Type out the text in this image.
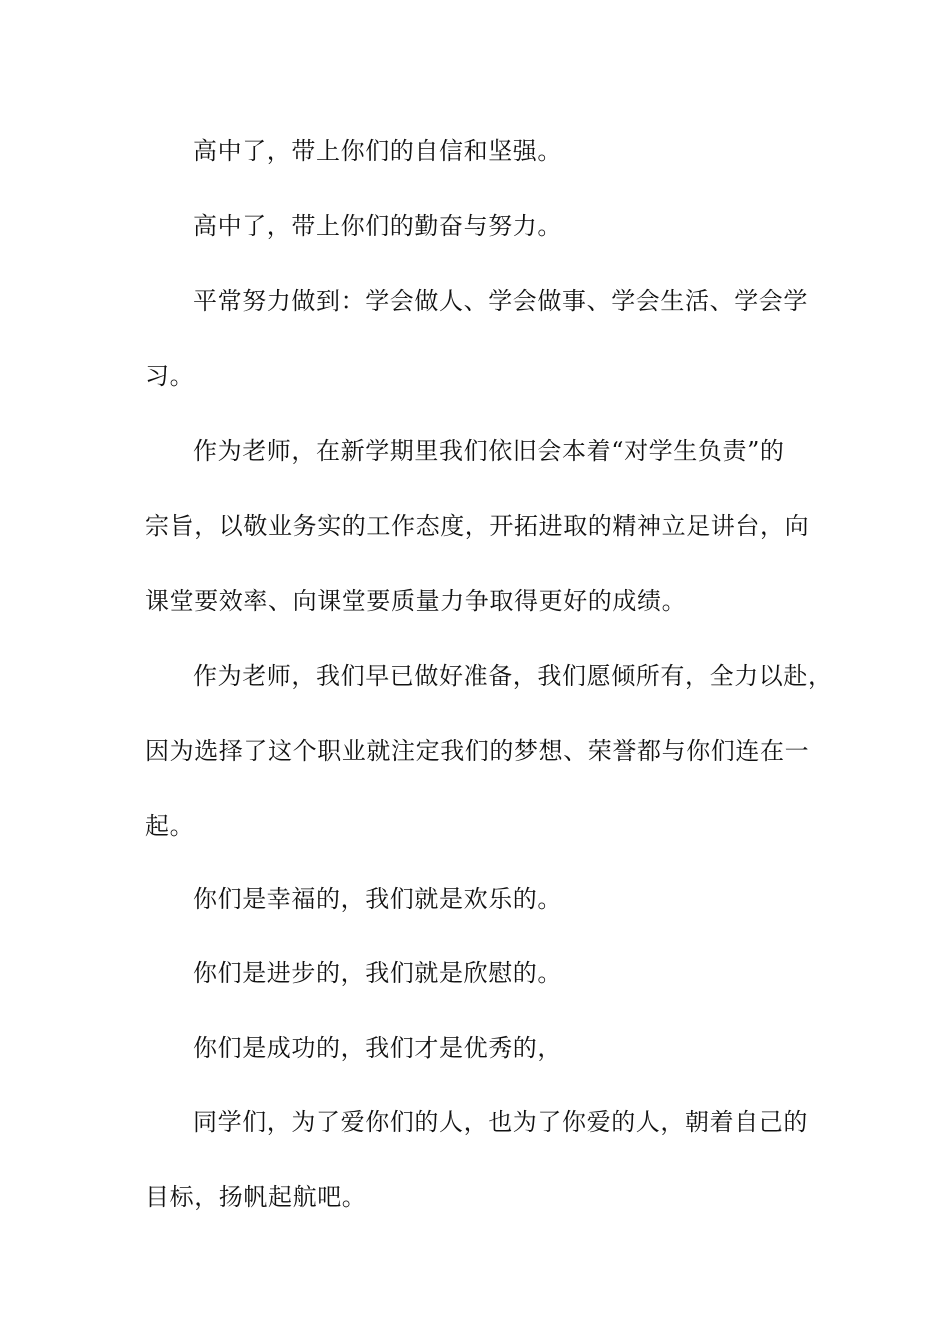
高中了，带上你们的自信和坚强。
高中了，带上你们的勤奋与努力。
平常努力做到：学会做人、学会做事、学会生活、学会学
习。
作为老师，在新学期里我们依旧会本着“对学生负责”的
宗旨，以敬业务实的工作态度，开拓进取的精神立足讲台，向
课堂要效率、向课堂要质量力争取得更好的成绩。
作为老师，我们早已做好准备，我们愿倾所有，全力以赴，
因为选择了这个职业就注定我们的梦想、荣誉都与你们连在一
起。
你们是幸福的，我们就是欢乐的。
你们是进步的，我们就是欣慰的。
你们是成功的，我们才是优秀的，
同学们，为了爱你们的人，也为了你爱的人，朝着自己的
目标，扬帆起航吧。
